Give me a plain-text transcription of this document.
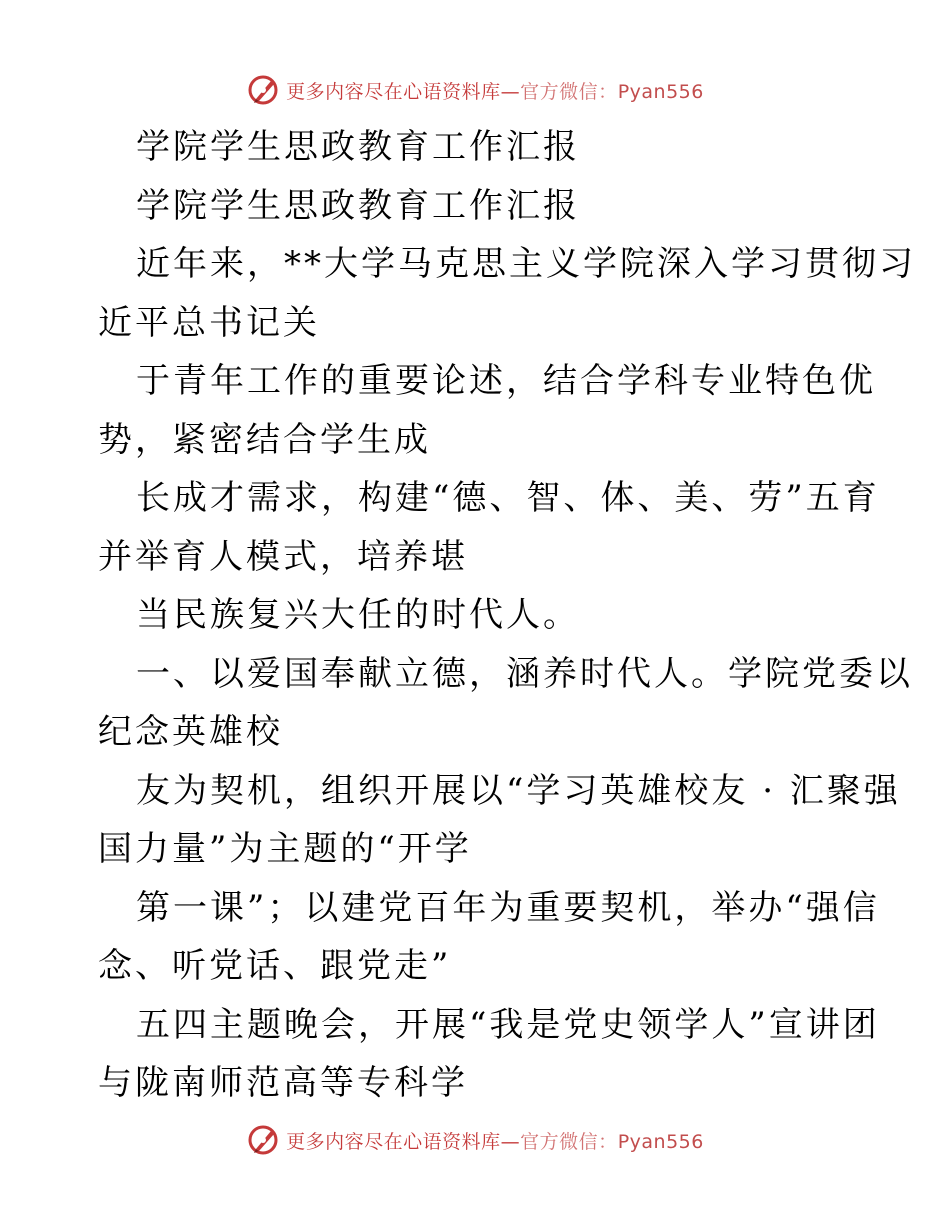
更多内容尽在心语资料库—官方微信：Pyan556
学院学生思政教育工作汇报
学院学生思政教育工作汇报
近年来，**大学马克思主义学院深入学习贯彻习
近平总书记关
于青年工作的重要论述，结合学科专业特色优
势，紧密结合学生成
长成才需求，构建“德、智、体、美、劳”五育
并举育人模式，培养堪
当民族复兴大任的时代人。
一、以爱国奉献立德，涵养时代人。学院党委以
纪念英雄校
友为契机，组织开展以“学习英雄校友 · 汇聚强
国力量”为主题的“开学
第一课”；以建党百年为重要契机，举办“强信
念、听党话、跟党走”
五四主题晚会，开展“我是党史领学人”宣讲团
与陇南师范高等专科学
更多内容尽在心语资料库—官方微信：Pyan556
